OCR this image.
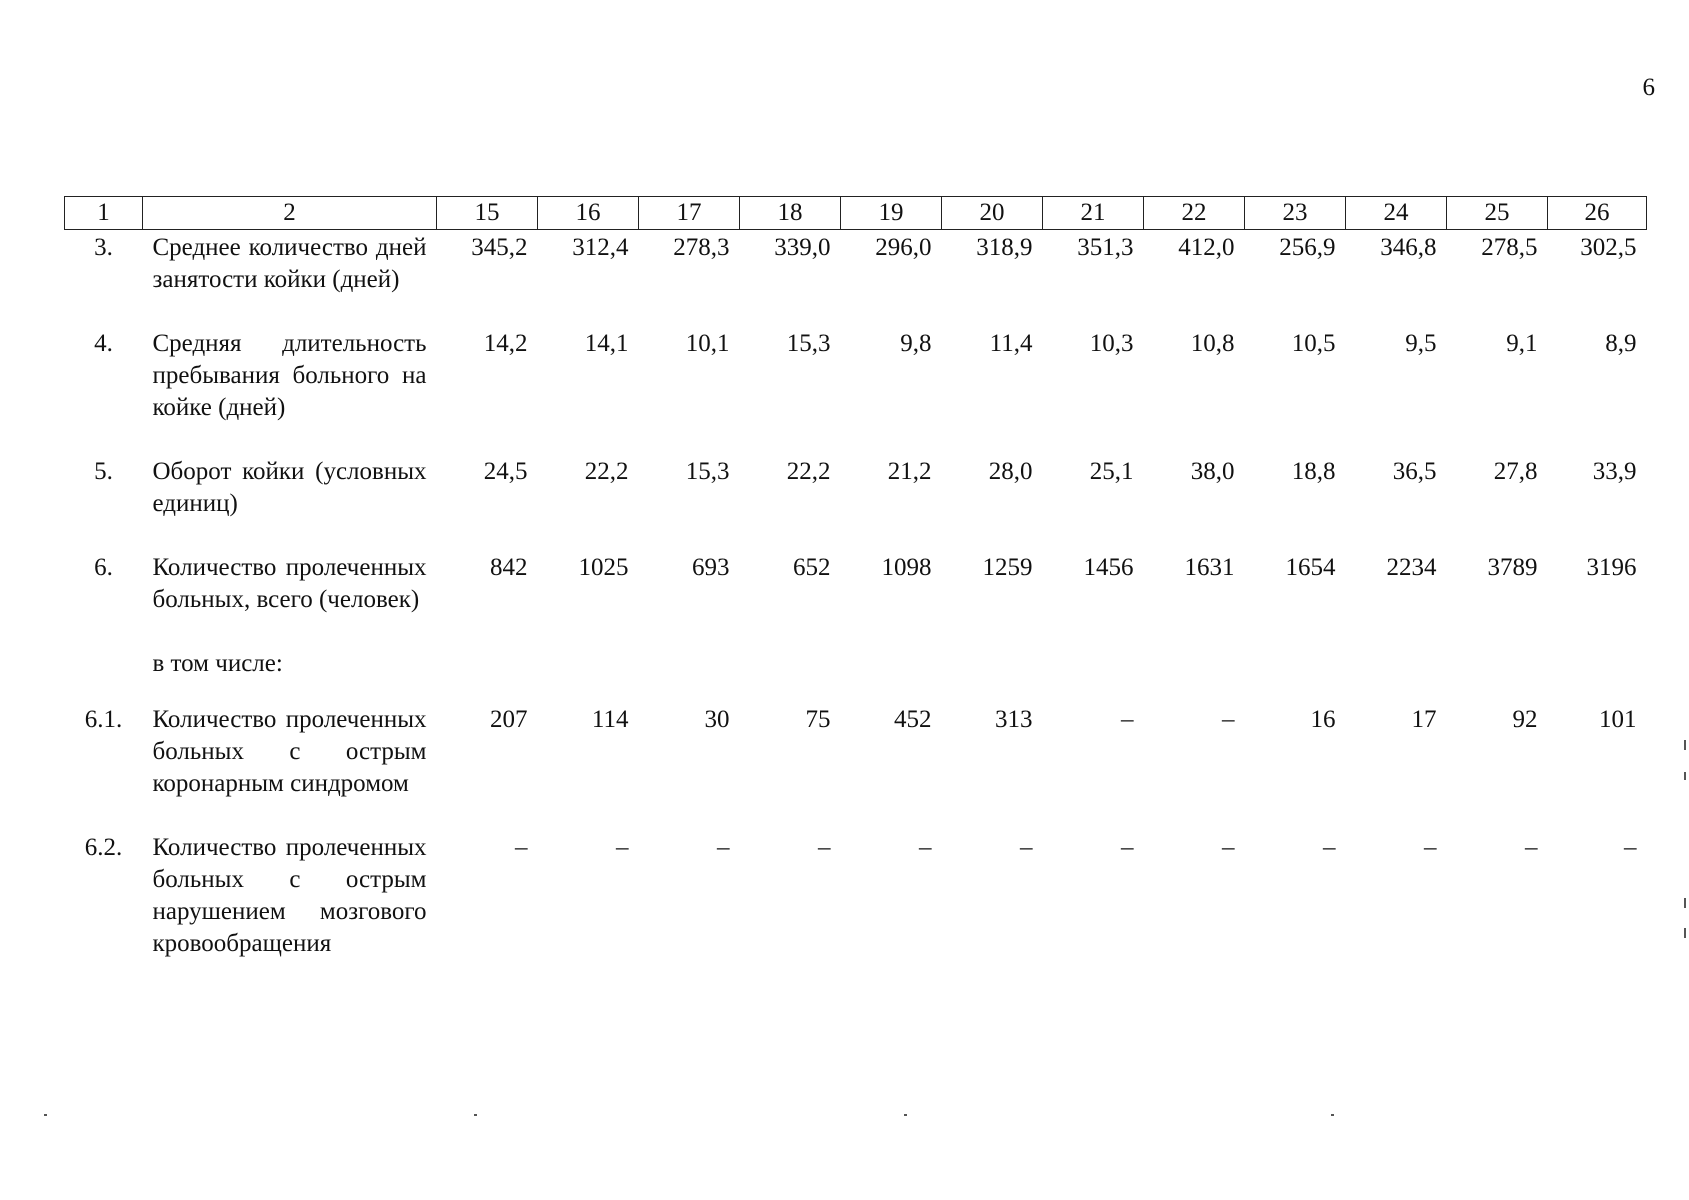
6
1	2	15	16	17	18	19	20	21	22	23	24	25	26
3.	Среднее количество дней занятости койки (дней)	345,2	312,4	278,3	339,0	296,0	318,9	351,3	412,0	256,9	346,8	278,5	302,5
4.	Средняя длительность пребывания больного на койке (дней)	14,2	14,1	10,1	15,3	9,8	11,4	10,3	10,8	10,5	9,5	9,1	8,9
5.	Оборот койки (условных единиц)	24,5	22,2	15,3	22,2	21,2	28,0	25,1	38,0	18,8	36,5	27,8	33,9
6.	Количество пролеченных больных, всего (человек)	842	1025	693	652	1098	1259	1456	1631	1654	2234	3789	3196
	в том числе:												
6.1.	Количество пролеченных больных с острым коронарным синдромом	207	114	30	75	452	313	–	–	16	17	92	101
6.2.	Количество пролеченных больных с острым нарушением мозгового кровообращения	–	–	–	–	–	–	–	–	–	–	–	–
